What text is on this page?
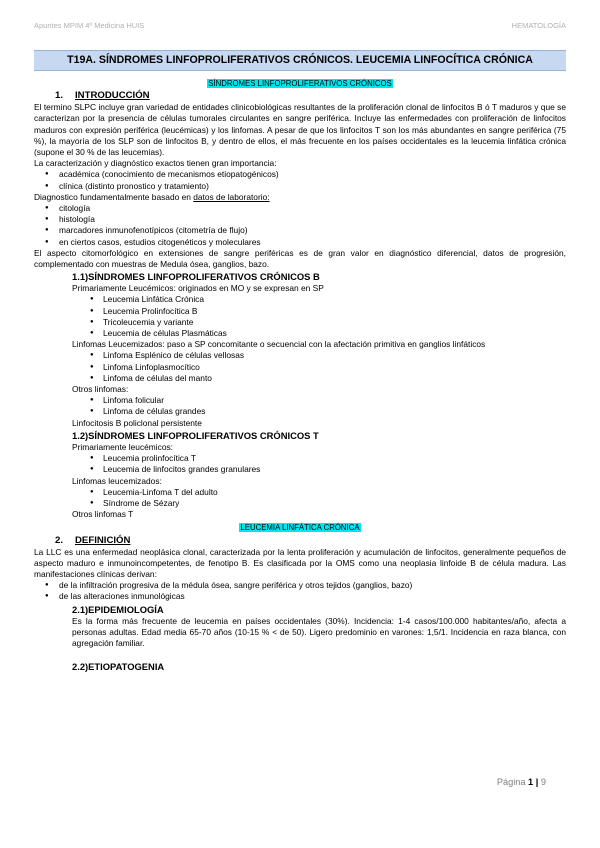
Apuntes MPIM 4º Medicina HUIS	HEMATOLOGÍA
T19A. SÍNDROMES LINFOPROLIFERATIVOS CRÓNICOS. LEUCEMIA LINFOCÍTICA CRÓNICA
SÍNDROMES LINFOPROLIFERATIVOS CRÓNICOS
1. INTRODUCCIÓN

El termino SLPC incluye gran variedad de entidades clinicobiológicas resultantes de la proliferación clonal de linfocitos B ó T maduros y que se caracterizan por la presencia de células tumorales circulantes en sangre periférica. Incluye las enfermedades con proliferación de linfocitos maduros con expresión periférica (leucémicas) y los linfomas. A pesar de que los linfocitos T son los más abundantes en sangre periférica (75 %), la mayoría de los SLP son de linfocitos B, y dentro de ellos, el más frecuente en los países occidentales es la leucemia linfática crónica (supone el 30 % de las leucemias).

La caracterización y diagnóstico exactos tienen gran importancia:

● académica (conocimiento de mecanismos etiopatogénicos)
● clínica (distinto pronostico y tratamiento)

Diagnostico fundamentalmente basado en datos de laboratorio:

● citología
● histología
● marcadores inmunofenotípicos (citometría de flujo)
● en ciertos casos, estudios citogenéticos y moleculares

El aspecto citomorfológico en extensiones de sangre periféricas es de gran valor en diagnóstico diferencial, datos de progresión, complementado con muestras de Medula ósea, ganglios, bazo.

1.1)SÍNDROMES LINFOPROLIFERATIVOS CRÓNICOS B

Primariamente Leucémicos: originados en MO y se expresan en SP

● Leucemia Linfática Crónica
● Leucemia Prolinfocítica B
● Tricoleucemia y variante
● Leucemia de células Plasmáticas

Linfomas Leucemizados: paso a SP concomitante o secuencial con la afectación primitiva en ganglios linfáticos

● Linfoma Esplénico de células vellosas
● Linfoma Linfoplasmocítico
● Linfoma de células del manto

Otros linfomas:

● Linfoma folicular
● Linfoma de células grandes

Linfocitosis B policlonal persistente

1.2)SÍNDROMES LINFOPROLIFERATIVOS CRÓNICOS T

Primariamente leucémicos:

● Leucemia prolinfocítica T
● Leucemia de linfocitos grandes granulares

Linfomas leucemizados:

● Leucemia-Linfoma T del adulto
● Síndrome de Sézary

Otros linfomas T

LEUCEMIA LINFÁTICA CRÓNICA
2. DEFINICIÓN

La LLC es una enfermedad neoplásica clonal, caracterizada por la lenta proliferación y acumulación de linfocitos, generalmente pequeños de aspecto maduro e inmunoincompetentes, de fenotipo B. Es clasificada por la OMS como una neoplasia linfoide B de célula madura. Las manifestaciones clínicas derivan:

● de la infiltración progresiva de la médula ósea, sangre periférica y otros tejidos (ganglios, bazo)
● de las alteraciones inmunológicas
2.1)EPIDEMIOLOGÍA

Es la forma más frecuente de leucemia en países occidentales (30%). Incidencia: 1-4 casos/100.000 habitantes/año, afecta a personas adultas. Edad media 65-70 años (10-15 % < de 50). Ligero predominio en varones: 1,5/1. Incidencia en raza blanca, con agregación familiar.

2.2)ETIOPATOGENIA
Página 1 | 9
